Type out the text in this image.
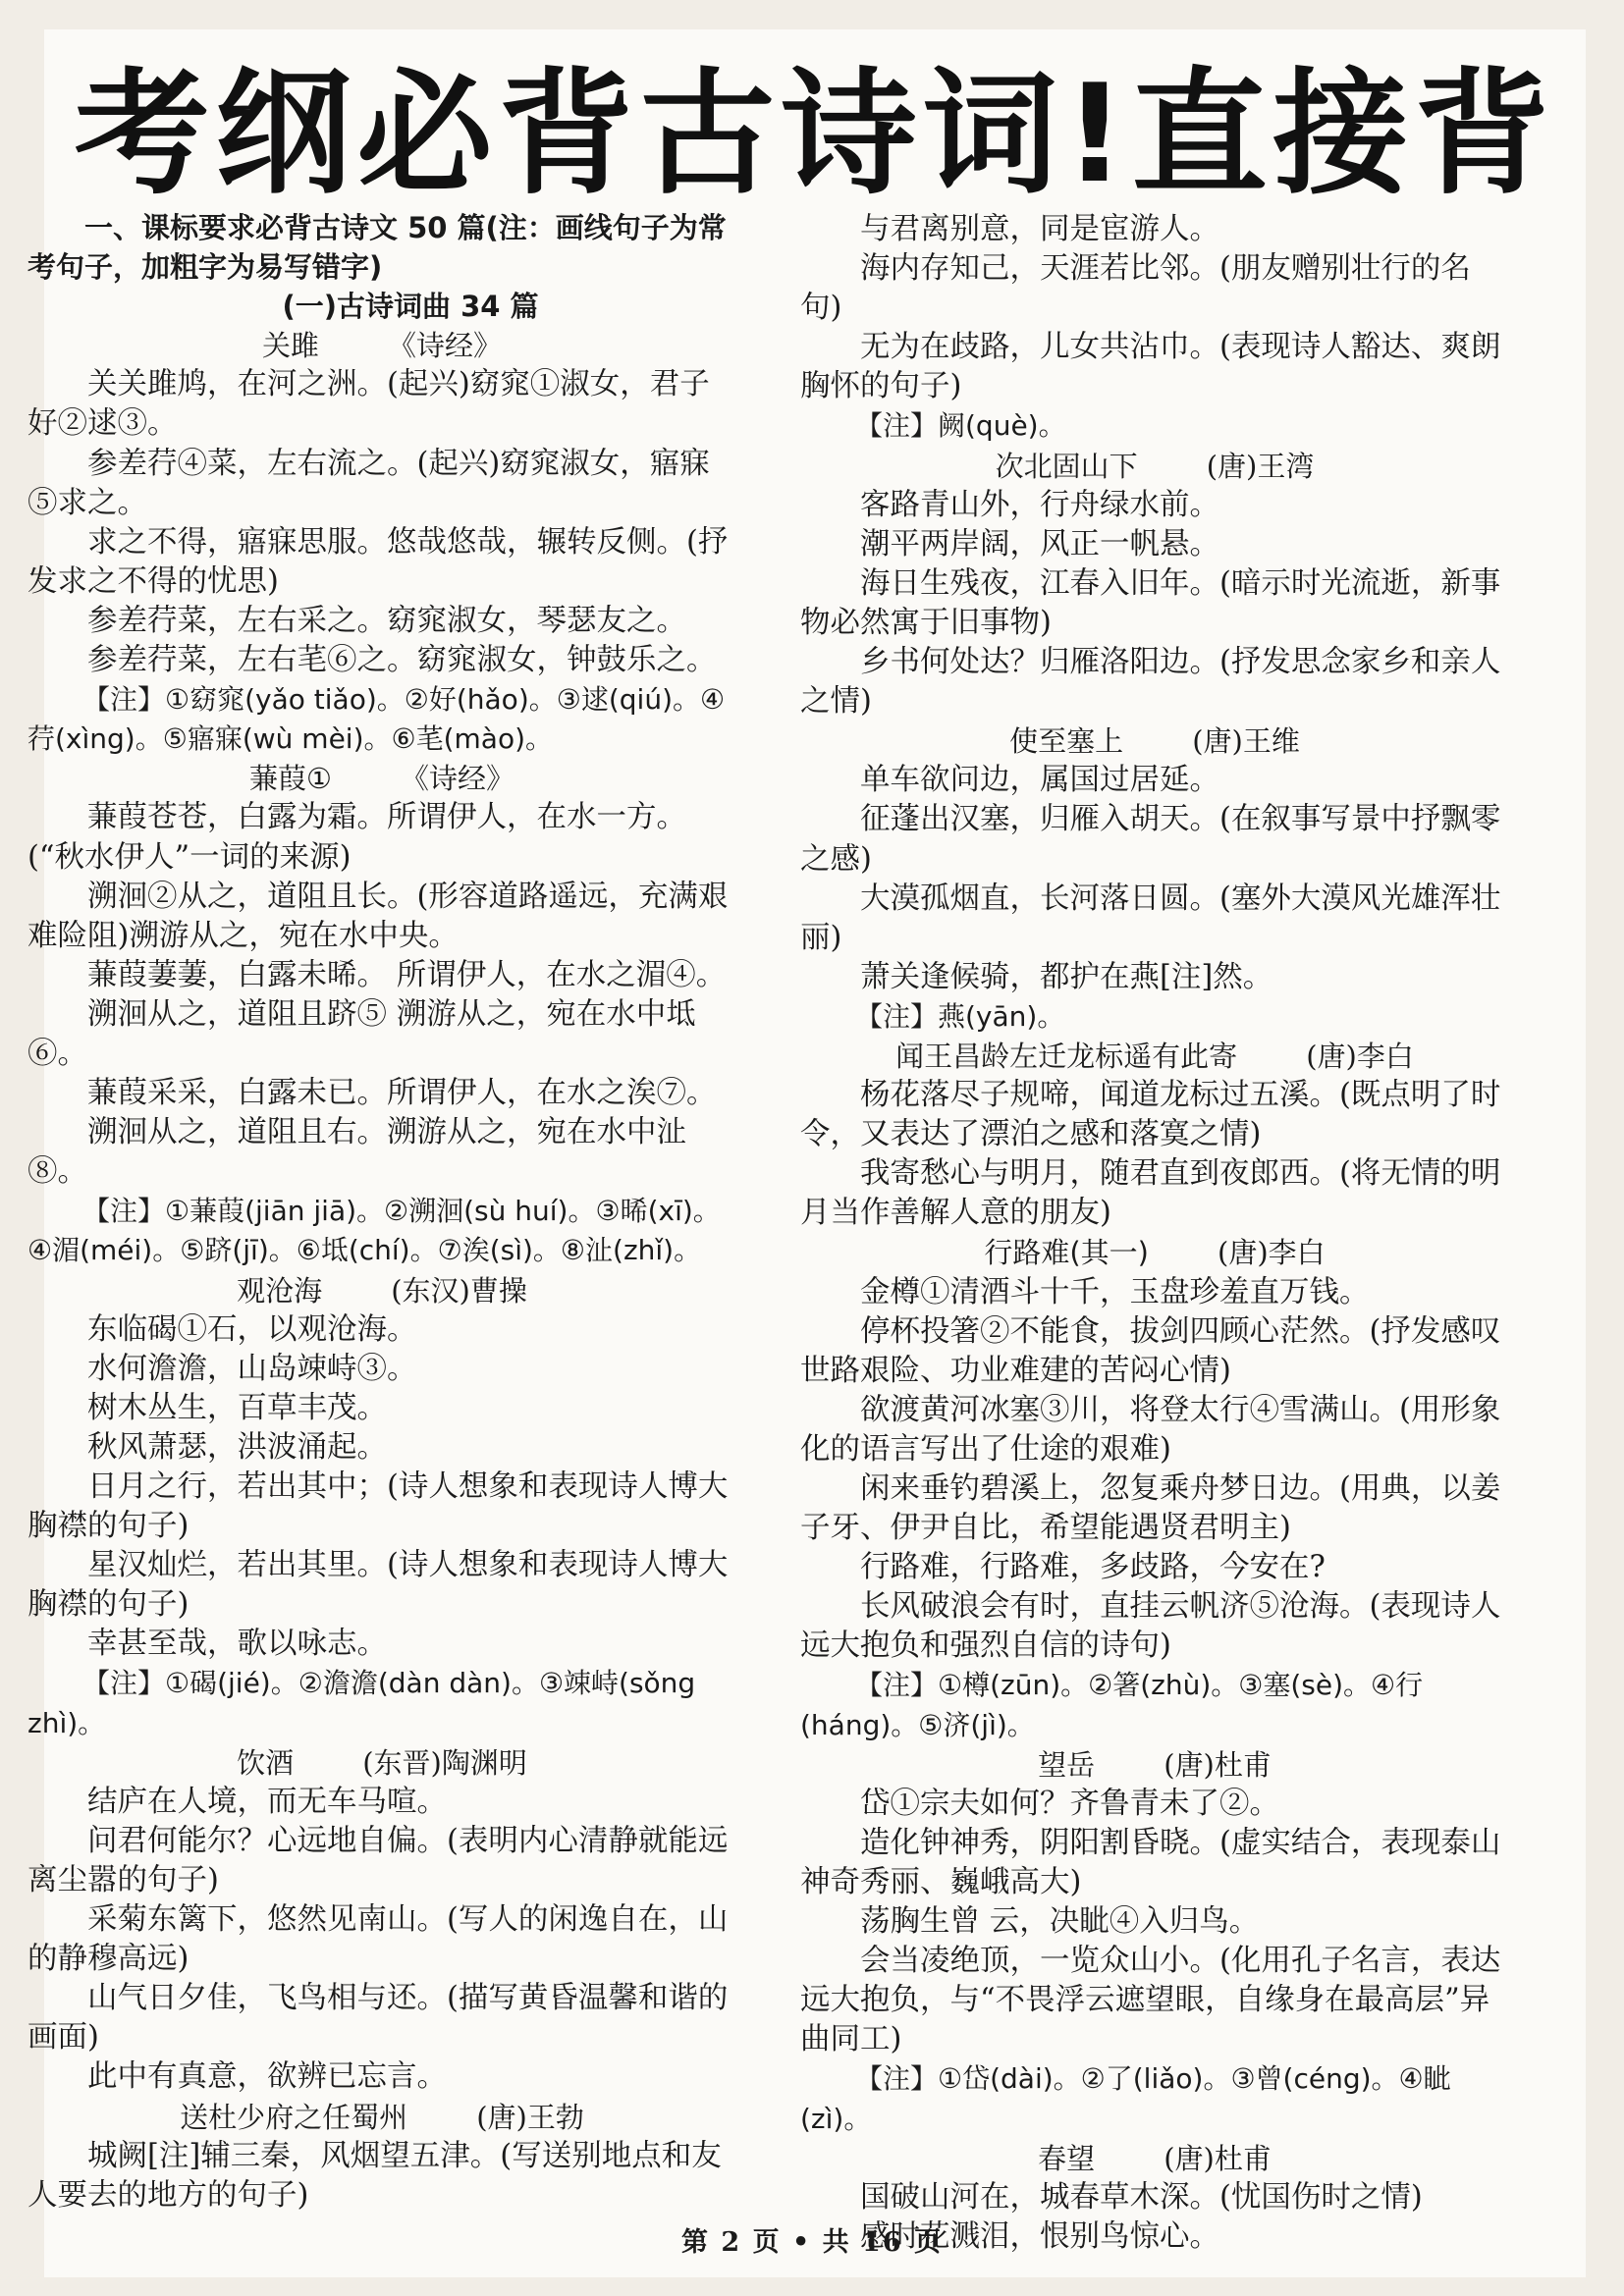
考纲必背古诗词!直接背

一、课标要求必背古诗文 50 篇(注：画线句子为常考句子，加粗字为易写错字)

(一)古诗词曲 34 篇

关雎 《诗经》

关关雎鸠，在河之洲。(起兴)窈窕①淑女，君子好②逑③。

参差荇④菜，左右流之。(起兴)窈窕淑女，寤寐⑤求之。

求之不得，寤寐思服。悠哉悠哉，辗转反侧。(抒发求之不得的忧思)

参差荇菜，左右采之。窈窕淑女，琴瑟友之。

参差荇菜，左右芼⑥之。窈窕淑女，钟鼓乐之。

【注】①窈窕(yǎo tiǎo)。②好(hǎo)。③逑(qiú)。④荇(xìng)。⑤寤寐(wù mèi)。⑥芼(mào)。

蒹葭① 《诗经》

蒹葭苍苍，白露为霜。所谓伊人，在水一方。(“秋水伊人”一词的来源)

溯洄②从之，道阻且长。(形容道路遥远，充满艰难险阻)溯游从之，宛在水中央。

蒹葭萋萋，白露未晞。 所谓伊人，在水之湄④。

溯洄从之，道阻且跻⑤ 溯游从之，宛在水中坻⑥。

蒹葭采采，白露未已。所谓伊人，在水之涘⑦。

溯洄从之，道阻且右。溯游从之，宛在水中沚⑧。

【注】①蒹葭(jiān jiā)。②溯洄(sù huí)。③晞(xī)。④湄(méi)。⑤跻(jī)。⑥坻(chí)。⑦涘(sì)。⑧沚(zhǐ)。

观沧海 (东汉)曹操

东临碣①石，以观沧海。

水何澹澹，山岛竦峙③。

树木丛生，百草丰茂。

秋风萧瑟，洪波涌起。

日月之行，若出其中；(诗人想象和表现诗人博大胸襟的句子)

星汉灿烂，若出其里。(诗人想象和表现诗人博大胸襟的句子)

幸甚至哉，歌以咏志。

【注】①碣(jié)。②澹澹(dàn dàn)。③竦峙(sǒng zhì)。

饮酒 (东晋)陶渊明

结庐在人境，而无车马喧。

问君何能尔？心远地自偏。(表明内心清静就能远离尘嚣的句子)

采菊东篱下，悠然见南山。(写人的闲逸自在，山的静穆高远)

山气日夕佳，飞鸟相与还。(描写黄昏温馨和谐的画面)

此中有真意，欲辨已忘言。

送杜少府之任蜀州 (唐)王勃

城阙[注]辅三秦，风烟望五津。(写送别地点和友人要去的地方的句子)

与君离别意，同是宦游人。

海内存知己，天涯若比邻。(朋友赠别壮行的名句)

无为在歧路，儿女共沾巾。(表现诗人豁达、爽朗胸怀的句子)

【注】阙(què)。

次北固山下 (唐)王湾

客路青山外，行舟绿水前。

潮平两岸阔，风正一帆悬。

海日生残夜，江春入旧年。(暗示时光流逝，新事物必然寓于旧事物)

乡书何处达？归雁洛阳边。(抒发思念家乡和亲人之情)

使至塞上 (唐)王维

单车欲问边，属国过居延。

征蓬出汉塞，归雁入胡天。(在叙事写景中抒飘零之感)

大漠孤烟直，长河落日圆。(塞外大漠风光雄浑壮丽)

萧关逢候骑，都护在燕[注]然。

【注】燕(yān)。

闻王昌龄左迁龙标遥有此寄 (唐)李白

杨花落尽子规啼，闻道龙标过五溪。(既点明了时令，又表达了漂泊之感和落寞之情)

我寄愁心与明月，随君直到夜郎西。(将无情的明月当作善解人意的朋友)

行路难(其一) (唐)李白

金樽①清酒斗十千，玉盘珍羞直万钱。

停杯投箸②不能食，拔剑四顾心茫然。(抒发感叹世路艰险、功业难建的苦闷心情)

欲渡黄河冰塞③川，将登太行④雪满山。(用形象化的语言写出了仕途的艰难)

闲来垂钓碧溪上，忽复乘舟梦日边。(用典，以姜子牙、伊尹自比，希望能遇贤君明主)

行路难，行路难，多歧路，今安在?

长风破浪会有时，直挂云帆济⑤沧海。(表现诗人远大抱负和强烈自信的诗句)

【注】①樽(zūn)。②箸(zhù)。③塞(sè)。④行(háng)。⑤济(jì)。

望岳 (唐)杜甫

岱①宗夫如何？齐鲁青未了②。

造化钟神秀，阴阳割昏晓。(虚实结合，表现泰山神奇秀丽、巍峨高大)

荡胸生曾 云，决眦④入归鸟。

会当凌绝顶，一览众山小。(化用孔子名言，表达远大抱负，与“不畏浮云遮望眼，自缘身在最高层”异曲同工)

【注】①岱(dài)。②了(liǎo)。③曾(céng)。④眦(zì)。

春望 (唐)杜甫

国破山河在，城春草木深。(忧国伤时之情)

感时花溅泪，恨别鸟惊心。

第 2 页 • 共 16 页
